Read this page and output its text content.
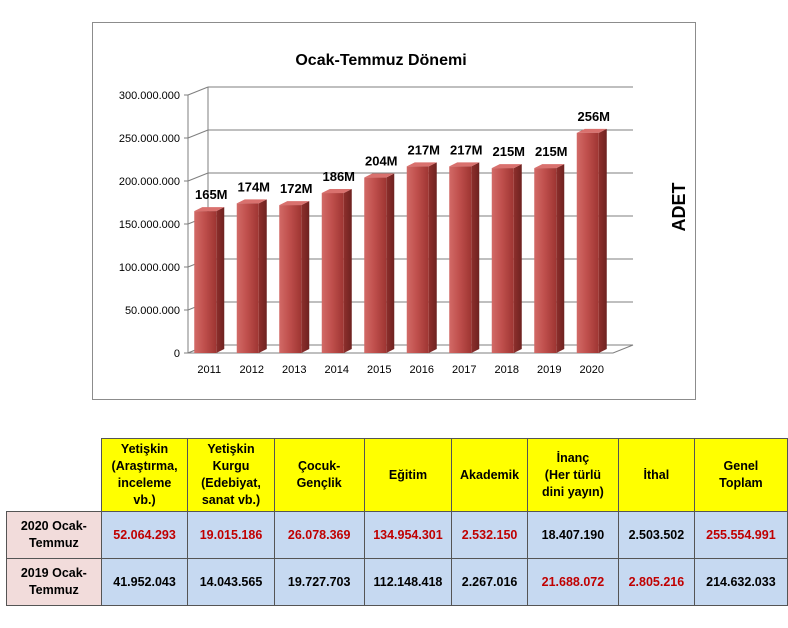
0
50.000.000
100.000.000
150.000.000
200.000.000
250.000.000
300.000.000
165M
2011
174M
2012
172M
2013
186M
2014
204M
2015
217M
2016
217M
2017
215M
2018
215M
2019
256M
2020
Ocak-Temmuz Dönemi
ADET
	Yetişkin
(Araştırma,
inceleme
vb.)	Yetişkin
Kurgu
(Edebiyat,
sanat vb.)	Çocuk-
Gençlik	Eğitim	Akademik	İnanç
(Her türlü
dini yayın)	İthal	Genel
Toplam
2020 Ocak-
Temmuz	52.064.293	19.015.186	26.078.369	134.954.301	2.532.150	18.407.190	2.503.502	255.554.991
2019 Ocak-
Temmuz	41.952.043	14.043.565	19.727.703	112.148.418	2.267.016	21.688.072	2.805.216	214.632.033
